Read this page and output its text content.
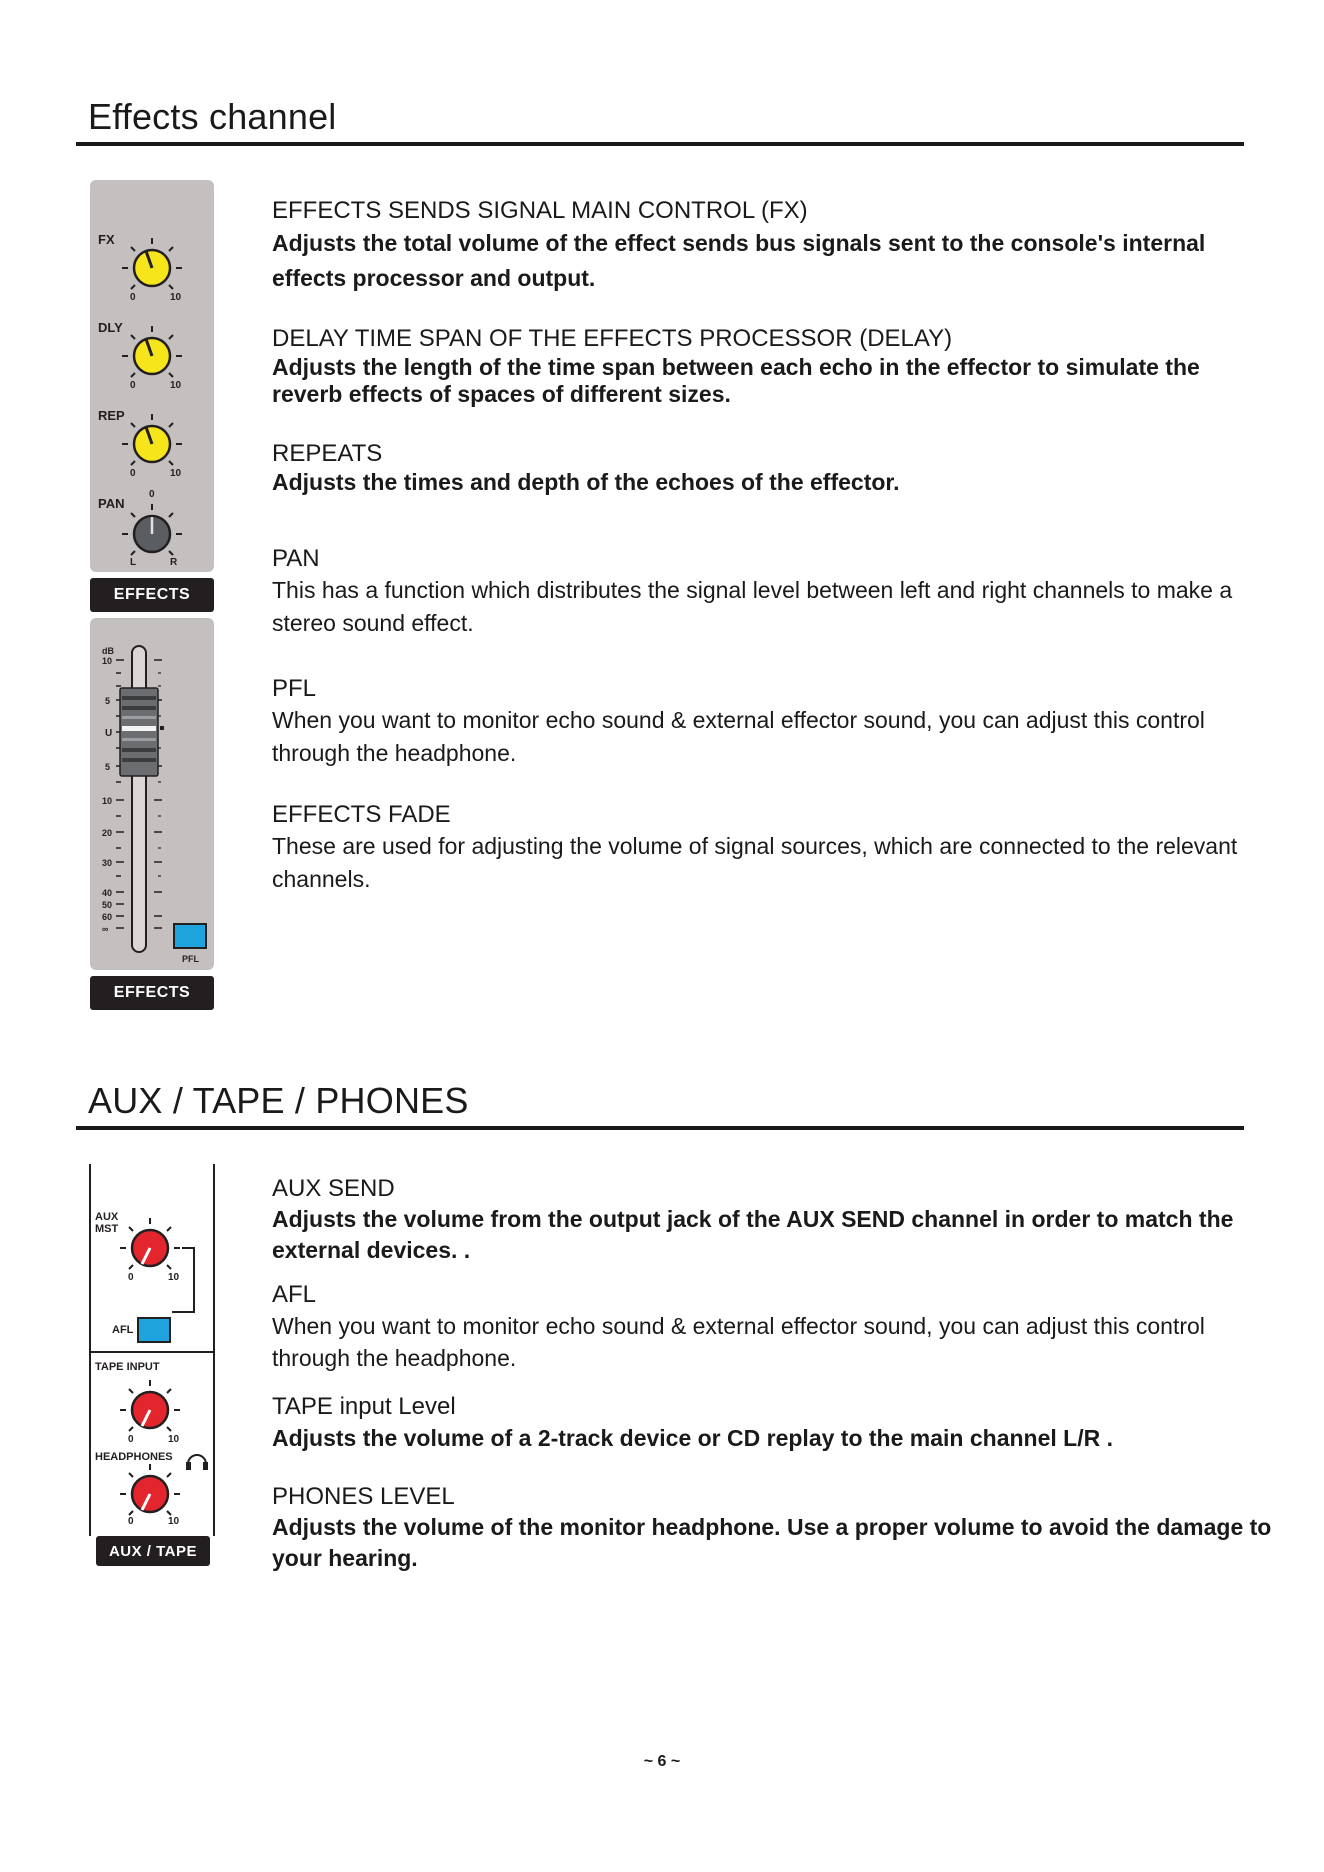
Effects channel
FX
0	10
DLY
0	10
REP
0	10
PAN
0
L	R
EFFECTS
dB
10
5
U
5
10
20
30
40
50
60
∞
PFL
EFFECTS
EFFECTS SENDS SIGNAL MAIN CONTROL (FX)

Adjusts the total volume of the effect sends bus signals sent to the console's internal effects processor and output.

DELAY TIME SPAN OF THE EFFECTS PROCESSOR (DELAY)

Adjusts the length of the time span between each echo in the effector to simulate the reverb effects of spaces of different sizes.

REPEATS

Adjusts the times and depth of the echoes of the effector.

PAN

This has a function which distributes the signal level between left and right channels to make a stereo sound effect.

PFL

When you want to monitor echo sound & external effector sound, you can adjust this control through the headphone.

EFFECTS FADE

These are used for adjusting the volume of signal sources, which are connected to the relevant channels.

AUX / TAPE / PHONES
AUX
MST
0	10
AFL
TAPE INPUT
0	10
HEADPHONES
0	10
AUX / TAPE
AUX SEND

Adjusts the volume from the output jack of the AUX SEND channel in order to match the external devices. .

AFL

When you want to monitor echo sound & external effector sound, you can adjust this control through the headphone.

TAPE input Level

Adjusts the volume of a 2-track device or CD replay to the main channel L/R .

PHONES LEVEL

Adjusts the volume of the monitor headphone. Use a proper volume to avoid the damage to your hearing.

~ 6 ~
